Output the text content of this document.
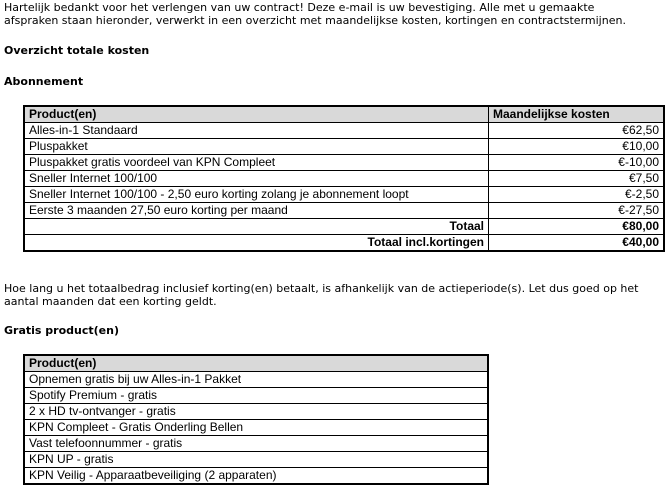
Hartelijk bedankt voor het verlengen van uw contract! Deze e-mail is uw bevestiging. Alle met u gemaakte afspraken staan hieronder, verwerkt in een overzicht met maandelijkse kosten, kortingen en contractstermijnen.
Overzicht totale kosten
Abonnement
Product(en)	Maandelijkse kosten
Alles-in-1 Standaard	€62,50
Pluspakket	€10,00
Pluspakket gratis voordeel van KPN Compleet	€-10,00
Sneller Internet 100/100	€7,50
Sneller Internet 100/100 - 2,50 euro korting zolang je abonnement loopt	€-2,50
Eerste 3 maanden 27,50 euro korting per maand	€-27,50
Totaal	€80,00
Totaal incl.kortingen	€40,00
Hoe lang u het totaalbedrag inclusief korting(en) betaalt, is afhankelijk van de actieperiode(s). Let dus goed op het aantal maanden dat een korting geldt.
Gratis product(en)
Product(en)
Opnemen gratis bij uw Alles-in-1 Pakket
Spotify Premium - gratis
2 x HD tv-ontvanger - gratis
KPN Compleet - Gratis Onderling Bellen
Vast telefoonnummer - gratis
KPN UP - gratis
KPN Veilig - Apparaatbeveiliging (2 apparaten)
